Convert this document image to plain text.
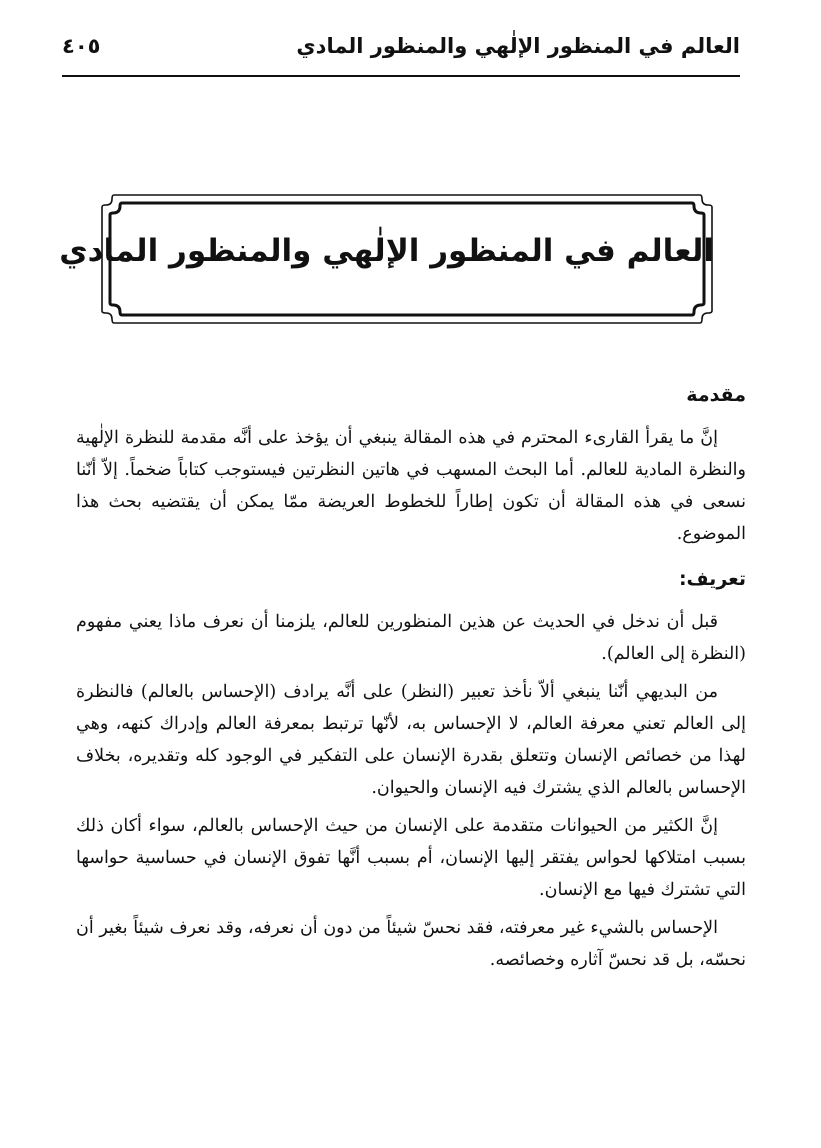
العالم في المنظور الإلٰهي والمنظور المادي
٤٠٥
العالم في المنظور الإلٰهي والمنظور المادي
مقدمة

إنَّ ما يقرأ القارىء المحترم في هذه المقالة ينبغي أن يؤخذ على أنَّه مقدمة للنظرة الإلٰهية والنظرة المادية للعالم. أما البحث المسهب في هاتين النظرتين فيستوجب كتاباً ضخماً. إلاّ أنّنا نسعى في هذه المقالة أن تكون إطاراً للخطوط العريضة ممّا يمكن أن يقتضيه بحث هذا الموضوع.

تعريف:

قبل أن ندخل في الحديث عن هذين المنظورين للعالم، يلزمنا أن نعرف ماذا يعني مفهوم (النظرة إلى العالم).

من البديهي أنّنا ينبغي ألاّ نأخذ تعبير (النظر) على أنَّه يرادف (الإحساس بالعالم) فالنظرة إلى العالم تعني معرفة العالم، لا الإحساس به، لأنّها ترتبط بمعرفة العالم وإدراك كنهه، وهي لهذا من خصائص الإنسان وتتعلق بقدرة الإنسان على التفكير في الوجود كله وتقديره، بخلاف الإحساس بالعالم الذي يشترك فيه الإنسان والحيوان.

إنَّ الكثير من الحيوانات متقدمة على الإنسان من حيث الإحساس بالعالم، سواء أكان ذلك بسبب امتلاكها لحواس يفتقر إليها الإنسان، أم بسبب أنَّها تفوق الإنسان في حساسية حواسها التي تشترك فيها مع الإنسان.

الإحساس بالشيء غير معرفته، فقد نحسّ شيئاً من دون أن نعرفه، وقد نعرف شيئاً بغير أن نحسّه، بل قد نحسّ آثاره وخصائصه.
